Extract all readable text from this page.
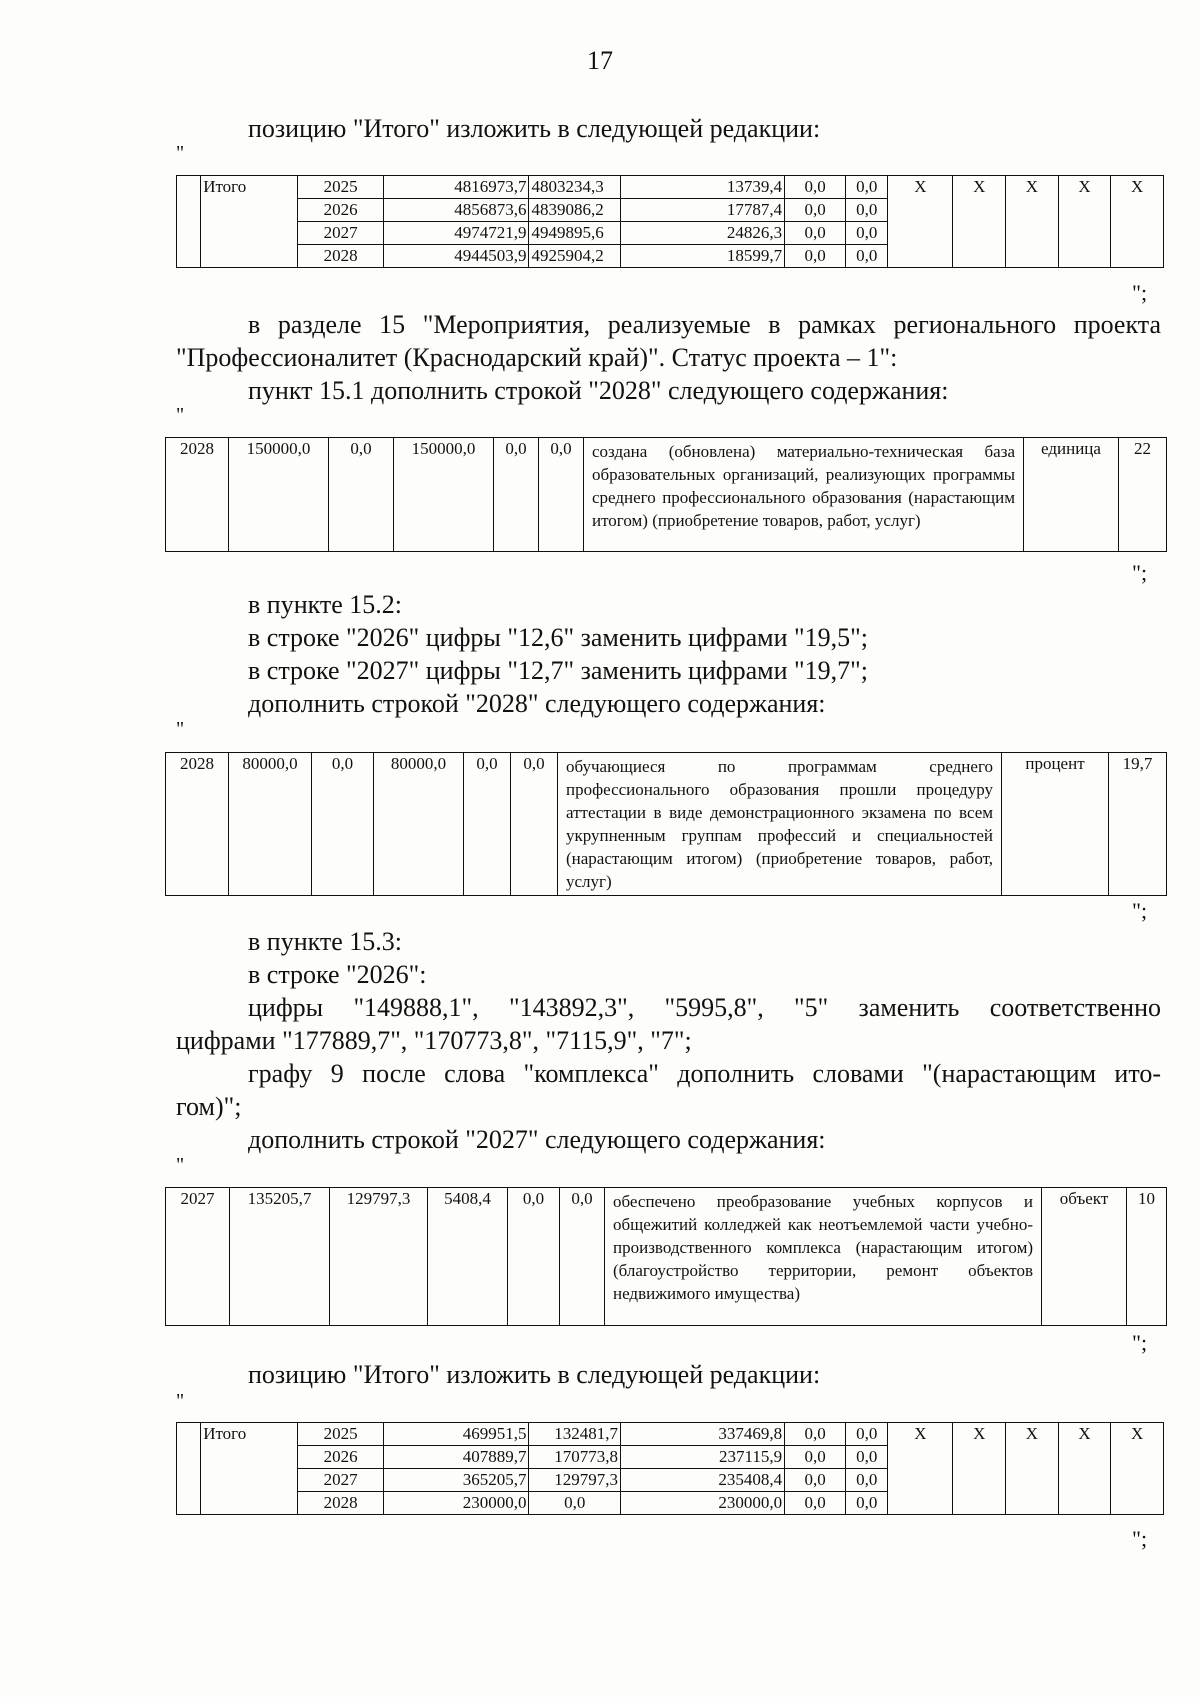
17
позицию "Итого" изложить в следующей редакции:
"
	Итого	2025	4816973,7	4803234,3	13739,4	0,0	0,0	Х	Х	Х	Х	Х
		2026	4856873,6	4839086,2	17787,4	0,0	0,0					
		2027	4974721,9	4949895,6	24826,3	0,0	0,0					
		2028	4944503,9	4925904,2	18599,7	0,0	0,0					
";
в разделе 15 "Мероприятия, реализуемые в рамках регионального проекта
"Профессионалитет (Краснодарский край)". Статус проекта – 1":
пункт 15.1 дополнить строкой "2028" следующего содержания:
"
2028	150000,0	0,0	150000,0	0,0	0,0	создана (обновлена) материально-техническая база образовательных организаций, реализующих программы среднего профессионального образования (нарастающим итогом) (приобретение товаров, работ, услуг)	единица	22
";
в пункте 15.2:
в строке "2026" цифры "12,6" заменить цифрами "19,5";
в строке "2027" цифры "12,7" заменить цифрами "19,7";
дополнить строкой "2028" следующего содержания:
"
2028	80000,0	0,0	80000,0	0,0	0,0	обучающиеся по программам среднего профессионального образования прошли процедуру аттестации в виде демонстрационного экзамена по всем укрупненным группам профессий и специальностей (нарастающим итогом) (приобретение товаров, работ, услуг)	процент	19,7
";
в пункте 15.3:
в строке "2026":
цифры "149888,1", "143892,3", "5995,8", "5" заменить соответственно
цифрами "177889,7", "170773,8", "7115,9", "7";
графу 9 после слова "комплекса" дополнить словами "(нарастающим ито-
гом)";
дополнить строкой "2027" следующего содержания:
"
2027	135205,7	129797,3	5408,4	0,0	0,0	обеспечено преобразование учебных корпусов и общежитий колледжей как неотъемлемой части учебно-производственного комплекса (нарастающим итогом) (благоустройство территории, ремонт объектов недвижимого имущества)	объект	10
";
позицию "Итого" изложить в следующей редакции:
"
	Итого	2025	469951,5	132481,7	337469,8	0,0	0,0	Х	Х	Х	Х	Х
		2026	407889,7	170773,8	237115,9	0,0	0,0					
		2027	365205,7	129797,3	235408,4	0,0	0,0					
		2028	230000,0	0,0	230000,0	0,0	0,0					
";
